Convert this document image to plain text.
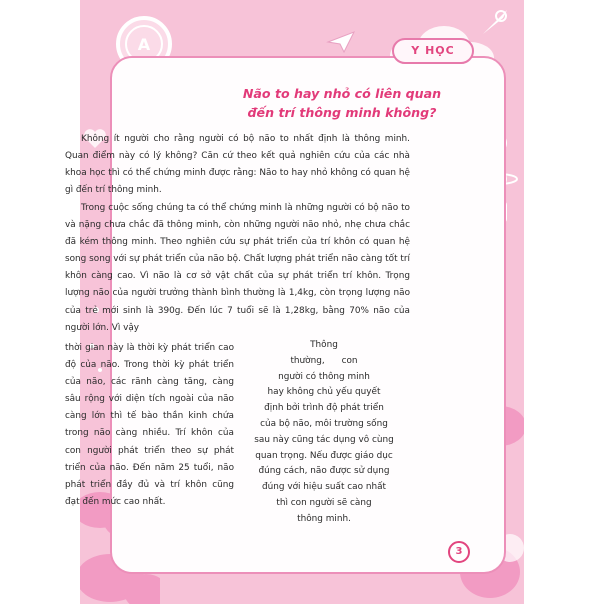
A	Y HỌC
Não to hay nhỏ có liên quan
đến trí thông minh không?
Không ít người cho rằng người có bộ não to nhất định là thông minh. Quan điểm này có lý không? Căn cứ theo kết quả nghiên cứu của các nhà khoa học thì có thể chứng minh được rằng: Não to hay nhỏ không có quan hệ gì đến trí thông minh.
Trong cuộc sống chúng ta có thể chứng minh là những người có bộ não to và nặng chưa chắc đã thông minh, còn những người não nhỏ, nhẹ chưa chắc đã kém thông minh. Theo nghiên cứu sự phát triển của trí khôn có quan hệ song song với sự phát triển của não bộ. Chất lượng phát triển não càng tốt trí khôn càng cao. Vì não là cơ sở vật chất của sự phát triển trí khôn. Trọng lượng não của người trưởng thành bình thường là 1,4kg, còn trọng lượng não của trẻ mới sinh là 390g. Đến lúc 7 tuổi sẽ là 1,28kg, bằng 70% não của người lớn. Vì vậy
thời gian này là thời kỳ phát triển cao độ của não. Trong thời kỳ phát triển của não, các rãnh càng tăng, càng sâu rộng với diện tích ngoài của não càng lớn thì tế bào thần kinh chứa trong não càng nhiều. Trí khôn của con người phát triển theo sự phát triển của não. Đến năm 25 tuổi, não phát triển đầy đủ và trí khôn cũng đạt đến mức cao nhất.
Thông
thường,      con
người có thông minh
hay không chủ yếu quyết
định bởi trình độ phát triển
của bộ não, môi trường sống
sau này cũng tác dụng vô cùng
quan trọng. Nếu được giáo dục
đúng cách, não được sử dụng
đúng với hiệu suất cao nhất
thì con người sẽ càng
thông minh.
3
